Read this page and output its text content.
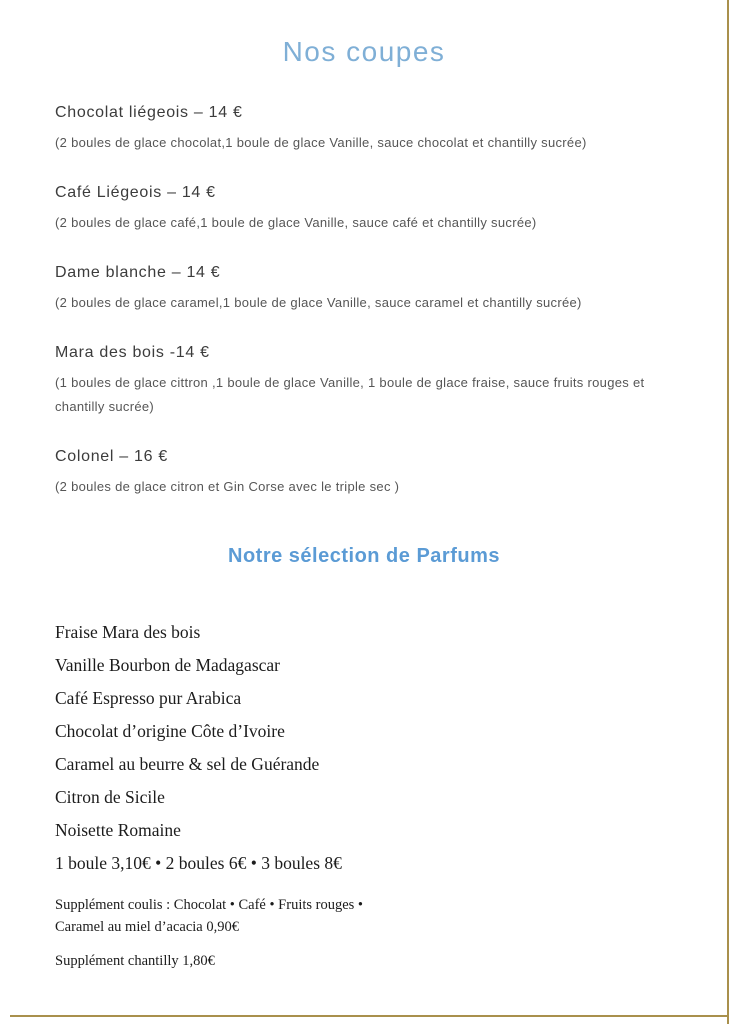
Nos coupes

Chocolat liégeois – 14 €

(2 boules de glace chocolat,1 boule de glace Vanille, sauce chocolat et chantilly sucrée)

Café Liégeois – 14 €

(2 boules de glace café,1 boule de glace Vanille, sauce café et chantilly sucrée)

Dame blanche – 14 €

(2 boules de glace caramel,1 boule de glace Vanille, sauce caramel et chantilly sucrée)

Mara des bois -14 €

(1 boules de glace cittron ,1 boule de glace Vanille, 1 boule de glace fraise, sauce fruits rouges et chantilly sucrée)

Colonel – 16 €

(2 boules de glace citron et Gin Corse avec le triple sec )

Notre sélection de Parfums

Fraise Mara des bois

Vanille Bourbon de Madagascar

Café Espresso pur Arabica

Chocolat d’origine Côte d’Ivoire

Caramel au beurre & sel de Guérande

Citron de Sicile

Noisette Romaine

1 boule 3,10€ • 2 boules 6€ • 3 boules 8€

Supplément coulis : Chocolat • Café • Fruits rouges •

Caramel au miel d’acacia 0,90€

Supplément chantilly 1,80€
